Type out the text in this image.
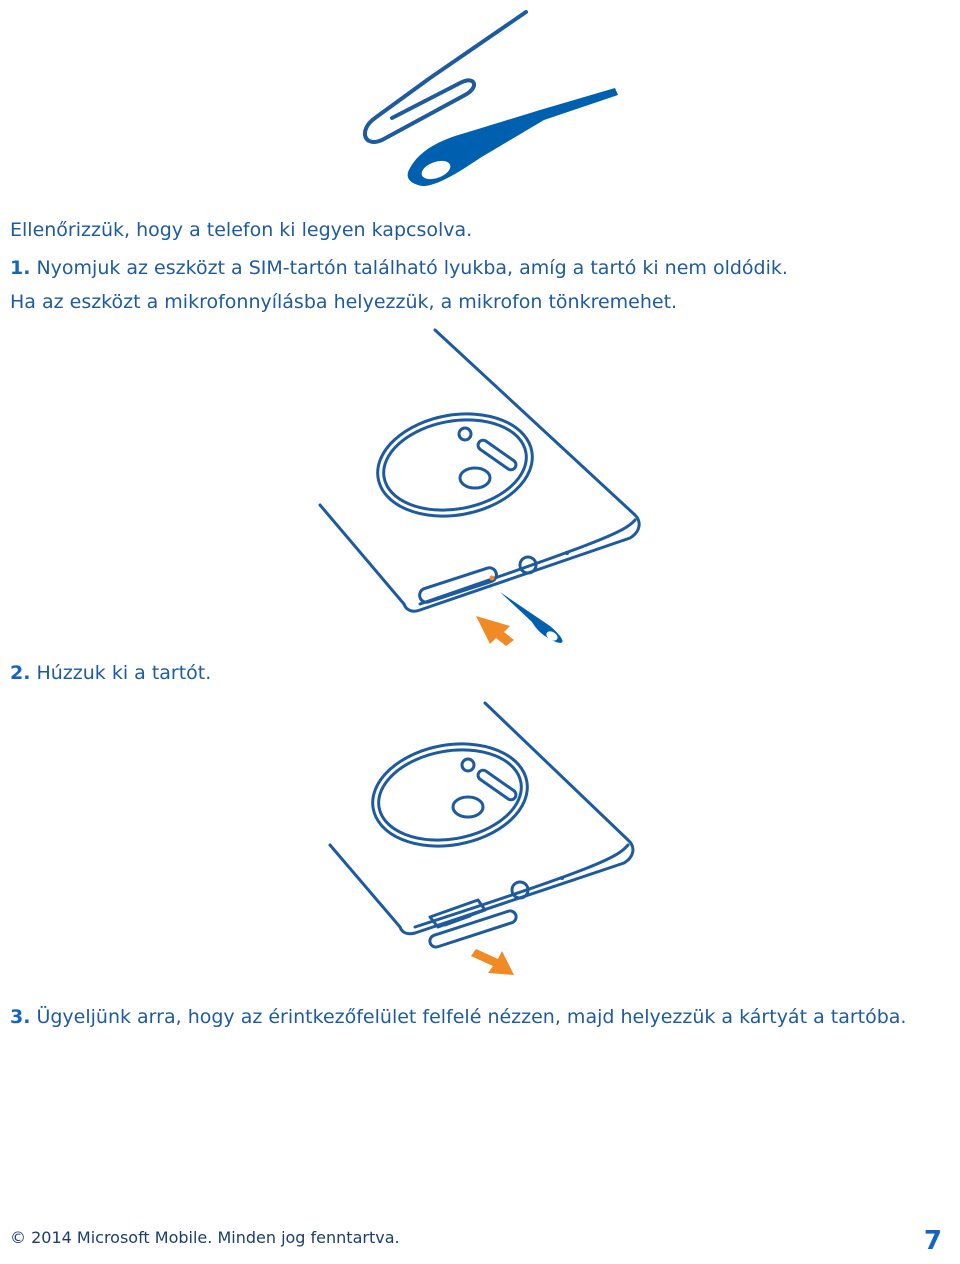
Ellenőrizzük, hogy a telefon ki legyen kapcsolva.
1. Nyomjuk az eszközt a SIM-tartón található lyukba, amíg a tartó ki nem oldódik.
Ha az eszközt a mikrofonnyílásba helyezzük, a mikrofon tönkremehet.
2. Húzzuk ki a tartót.
3. Ügyeljünk arra, hogy az érintkezőfelület felfelé nézzen, majd helyezzük a kártyát a tartóba.
© 2014 Microsoft Mobile. Minden jog fenntartva.	7
